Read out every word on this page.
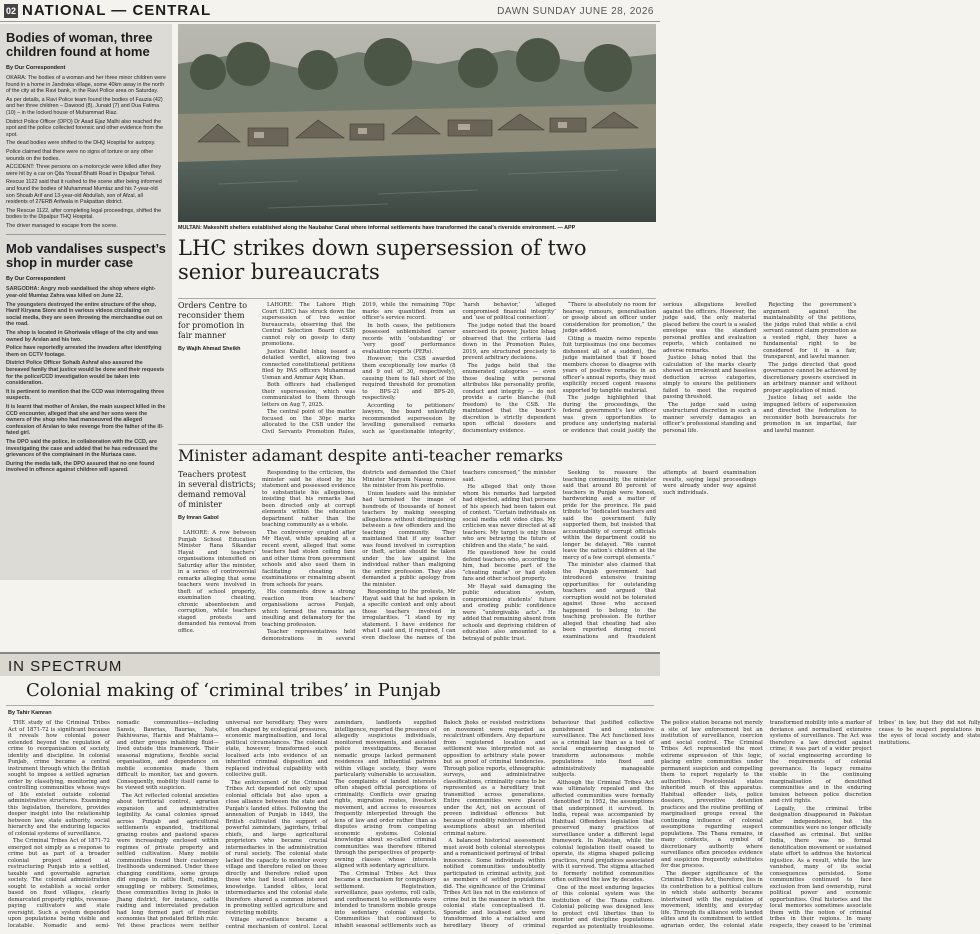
02 NATIONAL — CENTRAL	DAWN SUNDAY JUNE 28, 2026
Bodies of woman, three children found at home
By Our Correspondent

OKARA: The bodies of a woman and her three minor children were found in a home in Jandraka village, some 40km away in the north of the city at the Ravi bank, in the Ravi Police area on Saturday.

As per details, a Ravi Police team found the bodies of Fauzia (42) and her three children – Dawood (8), Junaid (7) and Dua Fatima (10) – in the locked house of Muhammad Riaz.

District Police Officer (DPO) Dr Asad Ejaz Malhi also reached the spot and the police collected forensic and other evidence from the spot.

The dead bodies were shifted to the DHQ Hospital for autopsy.

Police claimed that there were no signs of torture or any other wounds on the bodies.

ACCIDENT: Three persons on a motorcycle were killed after they were hit by a car on Qila Yousaf Bhatti Road in Dipalpur Tehsil.

Rescue 1122 said that it rushed to the scene after being informed and found the bodies of Muhammad Mumtaz and his 7-year-old son Shoaib Arif and 13-year-old Abdullah, son of Afzal, all residents of 27ERB Arifwala in Pakpattan district.

The Rescue 1122, after completing legal proceedings, shifted the bodies to the Dipalpur THQ Hospital.

The driver managed to escape from the scene.

Mob vandalises suspect’s shop in murder case
By Our Correspondent

SARGODHA: Angry mob vandalised the shop where eight-year-old Mumtaz Zahra was killed on June 22.

The youngsters destroyed the entire structure of the shop, Hanif Kiryana Store and in various videos circulating on social media, they are seen throwing the merchandise out on the road.

The shop is located in Ghoriwala village of the city and was owned by Arslan and his two.

Police have reportedly arrested the invaders after identifying them on CCTV footage.

District Police Officer Sohaib Ashraf also assured the bereaved family that justice would be done and their requests for the police/CCD investigation would be taken into consideration.

It is pertinent to mention that the CCD was interrogating three suspects.

It is learnt that mother of Arslan, the main suspect killed in the CCD encounter, alleged that she and her sons were the owners of the shop who had manoeuvred the alleged confession of Arslan to take revenge from the father of the ill-fated girl.

The DPO said the police, in collaboration with the CCD, are investigating the case and added that he has redressed the grievances of the complainant in the Murtaza case.

During the media talk, the DPO assured that no one found involved in offence against children will spared.

MULTAN: Makeshift shelters established along the Naubahar Canal where informal settlements have transformed the canal’s riverside environment. — APP
LHC strikes down supersession of two senior bureaucrats
Orders Centre to reconsider them for promotion in fair manner
By Wajih Ahmad Sheikh

LAHORE: The Lahore High Court (LHC) has struck down the supersession of two senior bureaucrats, observing that the Central Selection Board (CSB) cannot rely on gossip to deny promotions.

Justice Khalid Ishaq issued a detailed verdict, allowing two connected constitutional petitions filed by PAS officers Muhammad Usman and Ammar Aqiq Khan.

Both officers had challenged their supersession, which was communicated to them through letters on Aug 7, 2025.

The central point of the matter focused on the 30pc marks allocated to the CSB under the Civil Servants Promotion Rules, 2019, while the remaining 70pc marks are quantified from an officer’s service record.

In both cases, the petitioners possessed unblemished career records with ‘outstanding’ or ‘very good’ performance evaluation reports (PERs).

However, the CSB awarded them exceptionally low marks (8 and 9 out of 30, respectively), causing them to fall short of the required threshold for promotion to BPS-21 and BPS-20, respectively.

According to petitioners’ lawyers, the board unlawfully recommended supersession by levelling generalised remarks such as ‘questionable integrity’, ‘harsh behavior,’ ‘alleged compromised financial integrity’ and ‘use of political connection’.

The judge noted that the board exercised its power, Justice Ishaq observed that the criteria laid down in the Promotion Rules, 2019, are structured precisely to prevent arbitrary decisions.

The judge held that the enumerated categories — even those dealing with personal attributes like personality profile, conduct and integrity — do not provide a carte blanche (full freedom) to the CSB. He maintained that the board’s discretion is strictly dependent upon official dossiers and documentary evidence.

“There is absolutely no room for hearsay, rumours, generalisation or gossip about an officer under consideration for promotion,” the judge added.

Citing a maxim nemo repente fuit turpissimus (no one becomes dishonest all of a sudden), the judge maintained that if board members choose to disagree with years of positive remarks in an officer’s annual reports, they must explicitly record cogent reasons supported by tangible material.

The judge highlighted that during the proceedings, the federal government’s law officer was given opportunities to produce any underlying material or evidence that could justify the serious allegations levelled against the officers. However, the judge said, the only material placed before the court is a sealed envelope was the standard personal profiles and evaluation reports, which contained no adverse remarks.

Justice Ishaq noted that the calculation of the marks clearly showed an irrelevant and baseless deduction across categories, simply to ensure the petitioners failed to meet the required passing threshold.

The judge said using unstructured discretion in such a manner severely damages an officer’s professional standing and personal life.

Rejecting the government’s argument against the maintainability of the petitions, the judge ruled that while a civil servant cannot claim promotion as a vested right, they have a fundamental right to be considered for it in a fair, transparent, and lawful manner.

The judge directed that good governance cannot be achieved by discretionary powers exercised in an arbitrary manner and without proper application of mind.

Justice Ishaq set aside the impugned letters of supersession and directed the federation to reconsider both bureaucrats for promotion in an impartial, fair and lawful manner.

Minister adamant despite anti-teacher remarks
Teachers protest in several districts; demand removal of minister
By Imran Gabol

LAHORE: A row between Punjab School Education Minister Rana Sikandar Hayat and teachers’ organisations intensified on Saturday after the minister, in a series of controversial remarks alleging that some teachers were involved in theft of school property, examination cheating, chronic absenteeism and corruption, while teachers staged protests and demanded his removal from office.

Responding to the criticism, the minister said he stood by his statement and possessed evidence to substantiate his allegations, insisting that his remarks had been directed only at corrupt elements within the education department rather than the teaching community as a whole.

The controversy erupted after Mr Hayat, while speaking at a recent event, alleged that some teachers had stolen ceiling fans and other items from government schools and also used them in facilitating cheating in examinations or remaining absent from schools for years.

His comments drew a strong reaction from teachers’ organisations across Punjab, which termed the remarks as insulting and defamatory for the teaching profession.

Teacher representatives held demonstrations in several districts and demanded the Chief Minister Maryam Nawaz remove the minister from his portfolio.

Union leaders said the minister had tarnished the image of hundreds of thousands of honest teachers by making sweeping allegations without distinguishing between a few offenders and the teaching community. They maintained that if any teacher was found involved in corruption or theft, action should be taken under the law against the individual rather than maligning the entire profession. They also demanded a public apology from the minister.

Responding to the protests, Mr Hayat said that he had spoken in a specific context and only about those teachers involved in irregularities. “I stand by my statement. I have evidence for what I said and, if required, I can even disclose the names of the teachers concerned,” the minister said.

He alleged that only those whom his remarks had targeted had objected, adding that persons of his speech had been taken out of context. “Certain individuals on social media edit video clips. My criticism was never directed at all teachers. My target is only those who are betraying the future of children and the state,” he said.

He questioned how he could defend teachers who, according to him, had become part of the “cheating mafia” or had stolen fans and other school property.

Mr Hayat said damaging the public education system, compromising students’ future and eroding public confidence were “unforgivable acts”. He added that remaining absent from schools and depriving children of education also amounted to a betrayal of public trust.

Seeking to reassure the teaching community, the minister said that around 80 percent of teachers in Punjab were honest, hardworking and a matter of pride for the province. He paid tribute to “dedicated teachers and said the government fully supported them, but insisted that accountability of corrupt officials within the department could no longer be delayed. “We cannot leave the nation’s children at the mercy of a few corrupt elements.”

The minister also claimed that the Punjab government had introduced extensive training opportunities for outstanding teachers and argued that corruption would not be tolerated against those who accused happened to belong to the teaching profession. He further alleged that cheating had also been reported during recent examinations and fraudulent attempts at board examination results, saying legal proceedings were already under way against such individuals.

IN SPECTRUM
Colonial making of ‘criminal tribes’ in Punjab
By Tahir Kamran

THE study of the Criminal Tribes Act of 1871-72 is significant because it reveals how colonial power extended beyond the regulation of crime to reorganisation of society, identity and discipline. In colonial Punjab, crime became a central instrument through which the British sought to impose a settled agrarian order by classifying, monitoring and controlling communities whose ways of life existed outside colonial administrative structures. Examining this legislation, therefore, provides deeper insight into the relationship between law, state authority, social hierarchy and the enduring legacies of colonial systems of surveillance.

The Criminal Tribes Act of 1871-72 emerged not simply as a response to crime but as part of a broader colonial project aimed at restructuring Punjab into a settled, taxable and governable agrarian society. The colonial administration sought to establish a social order based on fixed villages, clearly demarcated property rights, revenue-paying cultivators and state oversight. Such a system depended upon populations being visible and locatable. Nomadic and semi-nomadic communities—including Sansis, Bawrias, Baurias, Nats, Pakhiwaras, Harnis and Mahtams—and other groups inhabiting fluid—lived outside this framework. Their seasonal migrations, flexible social organisation, and dependence on mobile economies made them difficult to monitor, tax and govern. Consequently, mobility itself came to be viewed with suspicion.

The Act reflected colonial anxieties about territorial control, agrarian expansion and administrative legibility. As canal colonies spread across Punjab and agricultural settlements expanded, traditional grazing routes and pastoral spaces were increasingly enclosed within regimes of private property and settled cultivation. Many mobile communities found their customary livelihoods undermined. Under these changing conditions, some groups did engage in cattle theft, raiding, smuggling or robbery. Sometimes, these communities living in jhoks in Jhang district, for instance, cattle raiding and interrelated predation had long formed part of frontier economies that predated British rule. Yet these practices were neither universal nor hereditary. They were often shaped by ecological pressures, economic marginalisation, and local political circumstances. The colonial state, however, transformed such localised acts into evidence of an inherited criminal disposition and replaced individual culpability with collective guilt.

The enforcement of the Criminal Tribes Act depended not only upon colonial officials but also upon a close alliance between the state and Punjab’s landed elites. Following the annexation of Punjab in 1849, the British cultivated the support of powerful zamindars, jagirdars, tribal chiefs, and large agricultural proprietors who became crucial intermediaries in the administration of rural society. The colonial state lacked the capacity to monitor every village and therefore relied on those directly and therefore relied upon those who had local influence and knowledge. Landed elites, local intermediaries and the colonial state therefore shared a common interest in promoting settled agriculture and restricting mobility.

Village surveillance became a central mechanism of control. Local zamindars, landlords supplied intelligence, reported the presence of allegedly suspicious individuals, monitored movements, and assisted police investigations. Because nomadic groups lacked permanent residences and influential patrons within village society, they were particularly vulnerable to accusation. The complaints of landed interests often shaped official perceptions of criminality. Conflicts over grazing rights, migration routes, livestock movement, and access to resources frequently interpreted through the lens of law and order rather than as disputes arising from competing economic systems. Colonial knowledge about so-called criminal communities was therefore filtered through the perspectives of property-owning classes whose interests aligned with sedentary agriculture.

The Criminal Tribes Act thus became a mechanism for compulsory settlement. Registration, surveillance, pass systems, roll calls, and confinement to settlements were intended to transform mobile groups into sedentary colonial subjects. Communities that continued to inhabit seasonal settlements such as Baloch jhoks or resisted restrictions on movement were regarded as recalcitrant offenders. Any departure from registered location and settlement was interpreted not as opposition to arbitrary state power but as proof of criminal tendencies. Through police reports, ethnographic surveys, and administrative classifications, criminality came to be represented as a hereditary trait transmitted across generations. Entire communities were placed under the Act, not on account of proven individual offences but because of mobility reinforced official assumptions about an inherited criminal nature.

A balanced historical assessment must avoid both colonial stereotypes and a romanticised portrayal of tribal innocence. Some individuals within notified communities undoubtedly participated in criminal activity, just as members of settled populations did. The significance of the Criminal Tribes Act lies not in the existence of crime but in the manner in which the colonial state conceptualised it. Sporadic and localised acts were transformed into a racialised and hereditary theory of criminal behaviour that justified collective punishment and extensive surveillance. The Act functioned less as a criminal law than as a tool of social engineering designed to transform autonomous mobile populations into fixed and administratively manageable subjects.

Although the Criminal Tribes Act was ultimately repealed and the affected communities were formally ‘denotified’ in 1952, the assumptions that underpinned it survived. In India, repeal was accompanied by Habitual Offenders legislation that preserved many practices of surveillance under a different legal framework. In Pakistan, while the colonial legislation itself ceased to operate, its stigma shaped policing practices, rural prejudices associated with it survived. The stigma attached to formerly notified communities often outlived the law by decades.

One of the most enduring legacies of this colonial system was the institution of the Thana culture. Colonial policing was designed less to protect civil liberties than to monitor and discipline populations regarded as potentially troublesome. The police station became not merely a site of law enforcement but an institution of surveillance, coercion and social control. The Criminal Tribes Act represented the most extreme expression of this logic, placing entire communities under permanent suspicion and compelling them to report regularly to the authorities. Postcolonial states inherited much of this apparatus. Habitual offender lists, police dossiers, preventive detention practices and the routine profiling of marginalised groups reveal the continuing influence of colonial assumptions regarding suspect populations. The Thana remains, in many contexts, a symbol of discretionary authority where surveillance often precedes evidence and suspicion frequently substitutes for due process.

The deeper significance of the Criminal Tribes Act, therefore, lies in its contribution to a political culture in which state authority became intertwined with the regulation of movement, identity, and everyday life. Through its alliance with landed elites and its commitment to settled agrarian order, the colonial state transformed mobility into a marker of deviance and normalised extensive systems of surveillance. The Act was therefore a law directed against crime; it was part of a wider project of social engineering according to the requirements of colonial governance. Its legacy remains visible in the continuing marginalisation of denotified communities and in the enduring tension between police discretion and civil rights.

Legally, the criminal tribe designation disappeared in Pakistan after independence, but the communities were no longer officially classified as criminal. But unlike India, there was no formal denotification movement or sustained state effort to address the historical injustice. As a result, while the law vanished, many of its social consequences persisted. Some communities continued to face exclusion from land ownership, rural political power and economic opportunities. Oral histories and the local memories sometimes associate them with the notion of criminal tribes in their regions. In many respects, they ceased to be ‘criminal tribes’ in law, but they did not fully cease to be suspect populations in the eyes of local society and state institutions.
